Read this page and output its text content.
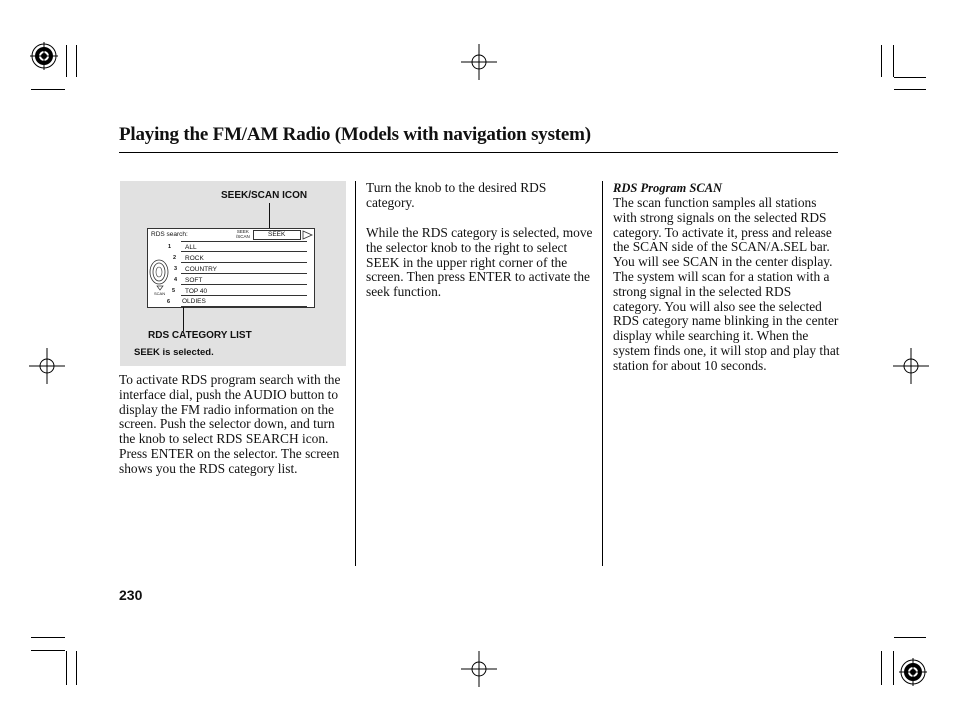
Playing the FM/AM Radio (Models with navigation system)
SEEK/SCAN ICON
RDS search:	SEEK
/SCAN	SEEK
ALL
ROCK
COUNTRY
SOFT
TOP 40
OLDIES
1
2
3
4
5
6
SCAN
RDS CATEGORY LIST
SEEK is selected.

To activate RDS program search with the interface dial, push the AUDIO button to display the FM radio information on the screen. Push the selector down, and turn the knob to select RDS SEARCH icon. Press ENTER on the selector. The screen shows you the RDS category list.

Turn the knob to the desired RDS category.

While the RDS category is selected, move the selector knob to the right to select SEEK in the upper right corner of the screen. Then press ENTER to activate the seek function.

RDS Program SCAN

The scan function samples all stations with strong signals on the selected RDS category. To activate it, press and release the SCAN side of the SCAN/A.SEL bar. You will see SCAN in the center display. The system will scan for a station with a strong signal in the selected RDS category. You will also see the selected RDS category name blinking in the center display while searching it. When the system finds one, it will stop and play that station for about 10 seconds.

230
